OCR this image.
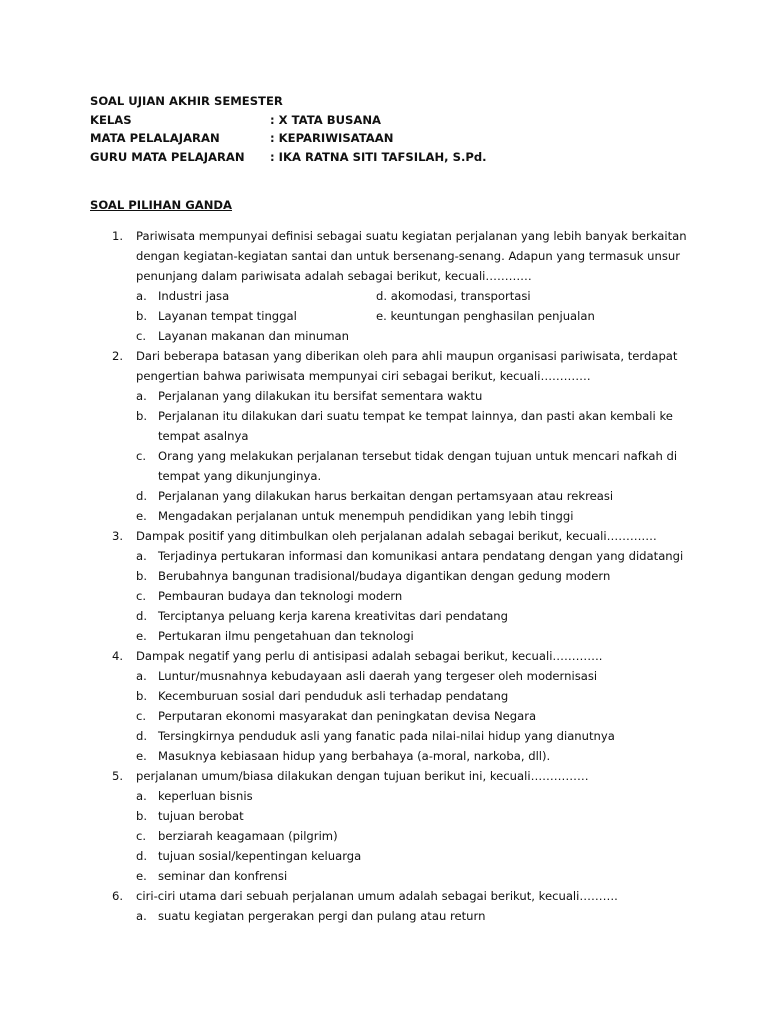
SOAL UJIAN AKHIR SEMESTER
KELAS	: X TATA BUSANA
MATA PELALAJARAN	: KEPARIWISATAAN
GURU MATA PELAJARAN : IKA RATNA SITI TAFSILAH, S.Pd.
SOAL PILIHAN GANDA
1. Pariwisata mempunyai definisi sebagai suatu kegiatan perjalanan yang lebih banyak berkaitan
dengan kegiatan-kegiatan santai dan untuk bersenang-senang. Adapun yang termasuk unsur
penunjang dalam pariwisata adalah sebagai berikut, kecuali…………
a. Industri jasa	d. akomodasi, transportasi
b. Layanan tempat tinggal	e. keuntungan penghasilan penjualan
c. Layanan makanan dan minuman
2. Dari beberapa batasan yang diberikan oleh para ahli maupun organisasi pariwisata, terdapat
pengertian bahwa pariwisata mempunyai ciri sebagai berikut, kecuali………….
a. Perjalanan yang dilakukan itu bersifat sementara waktu
b. Perjalanan itu dilakukan dari suatu tempat ke tempat lainnya, dan pasti akan kembali ke
tempat asalnya
c. Orang yang melakukan perjalanan tersebut tidak dengan tujuan untuk mencari nafkah di
tempat yang dikunjunginya.
d. Perjalanan yang dilakukan harus berkaitan dengan pertamsyaan atau rekreasi
e. Mengadakan perjalanan untuk menempuh pendidikan yang lebih tinggi
3. Dampak positif yang ditimbulkan oleh perjalanan adalah sebagai berikut, kecuali………….
a. Terjadinya pertukaran informasi dan komunikasi antara pendatang dengan yang didatangi
b. Berubahnya bangunan tradisional/budaya digantikan dengan gedung modern
c. Pembauran budaya dan teknologi modern
d. Terciptanya peluang kerja karena kreativitas dari pendatang
e. Pertukaran ilmu pengetahuan dan teknologi
4. Dampak negatif yang perlu di antisipasi adalah sebagai berikut, kecuali………….
a. Luntur/musnahnya kebudayaan asli daerah yang tergeser oleh modernisasi
b. Kecemburuan sosial dari penduduk asli terhadap pendatang
c. Perputaran ekonomi masyarakat dan peningkatan devisa Negara
d. Tersingkirnya penduduk asli yang fanatic pada nilai-nilai hidup yang dianutnya
e. Masuknya kebiasaan hidup yang berbahaya (a-moral, narkoba, dll).
5. perjalanan umum/biasa dilakukan dengan tujuan berikut ini, kecuali……………
a. keperluan bisnis
b. tujuan berobat
c. berziarah keagamaan (pilgrim)
d. tujuan sosial/kepentingan keluarga
e. seminar dan konfrensi
6. ciri-ciri utama dari sebuah perjalanan umum adalah sebagai berikut, kecuali……….
a. suatu kegiatan pergerakan pergi dan pulang atau return
